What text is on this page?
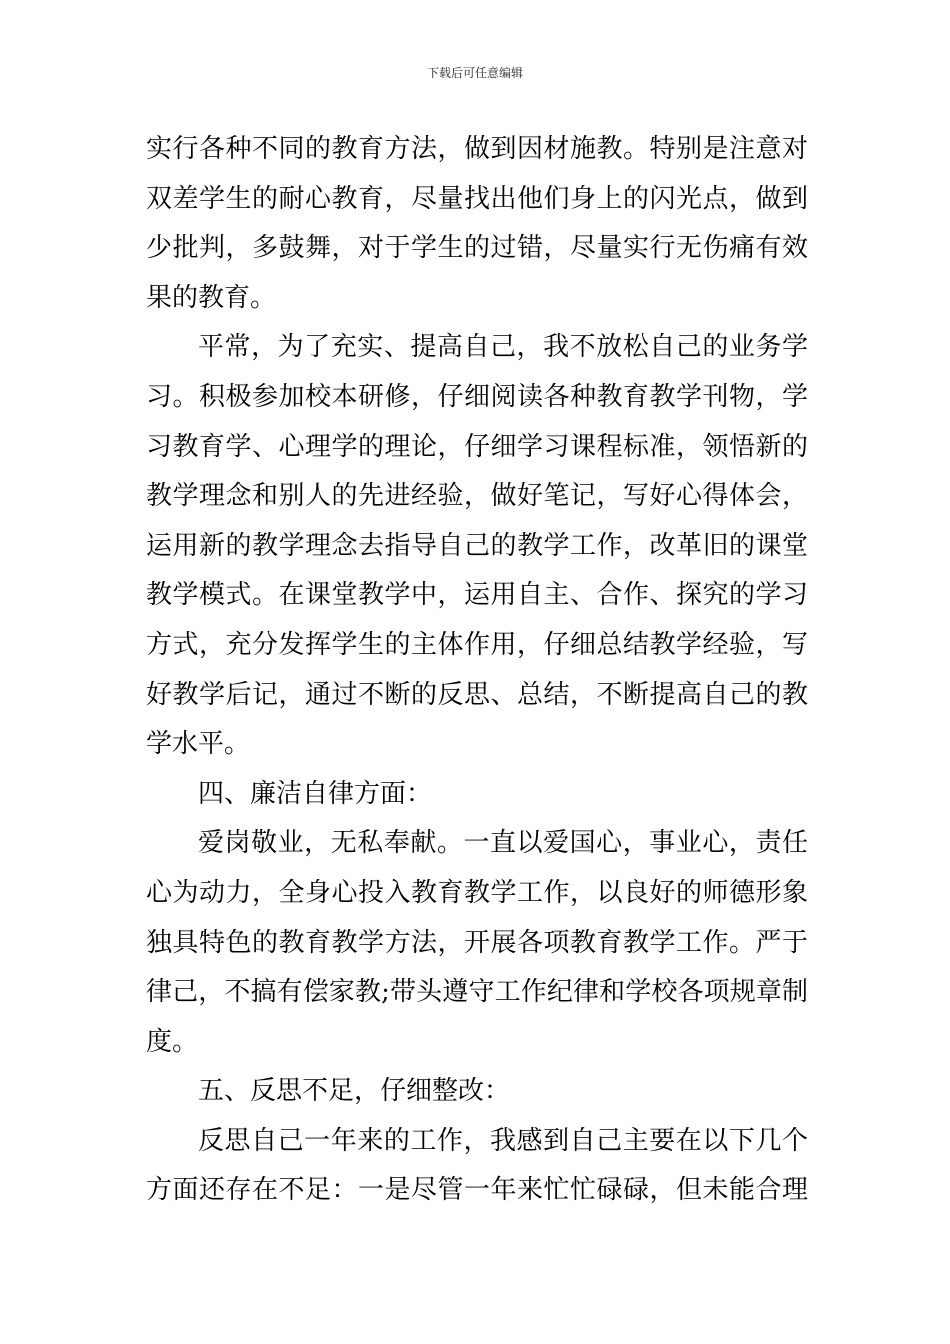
下载后可任意编辑
实行各种不同的教育方法，做到因材施教。特别是注意对
双差学生的耐心教育，尽量找出他们身上的闪光点，做到
少批判，多鼓舞，对于学生的过错，尽量实行无伤痛有效
果的教育。
平常，为了充实、提高自己，我不放松自己的业务学
习。积极参加校本研修，仔细阅读各种教育教学刊物，学
习教育学、心理学的理论，仔细学习课程标准，领悟新的
教学理念和别人的先进经验，做好笔记，写好心得体会，
运用新的教学理念去指导自己的教学工作，改革旧的课堂
教学模式。在课堂教学中，运用自主、合作、探究的学习
方式，充分发挥学生的主体作用，仔细总结教学经验，写
好教学后记，通过不断的反思、总结，不断提高自己的教
学水平。
四、廉洁自律方面：
爱岗敬业，无私奉献。一直以爱国心，事业心，责任
心为动力，全身心投入教育教学工作，以良好的师德形象
独具特色的教育教学方法，开展各项教育教学工作。严于
律己，不搞有偿家教;带头遵守工作纪律和学校各项规章制
度。
五、反思不足，仔细整改：
反思自己一年来的工作，我感到自己主要在以下几个
方面还存在不足：一是尽管一年来忙忙碌碌，但未能合理
